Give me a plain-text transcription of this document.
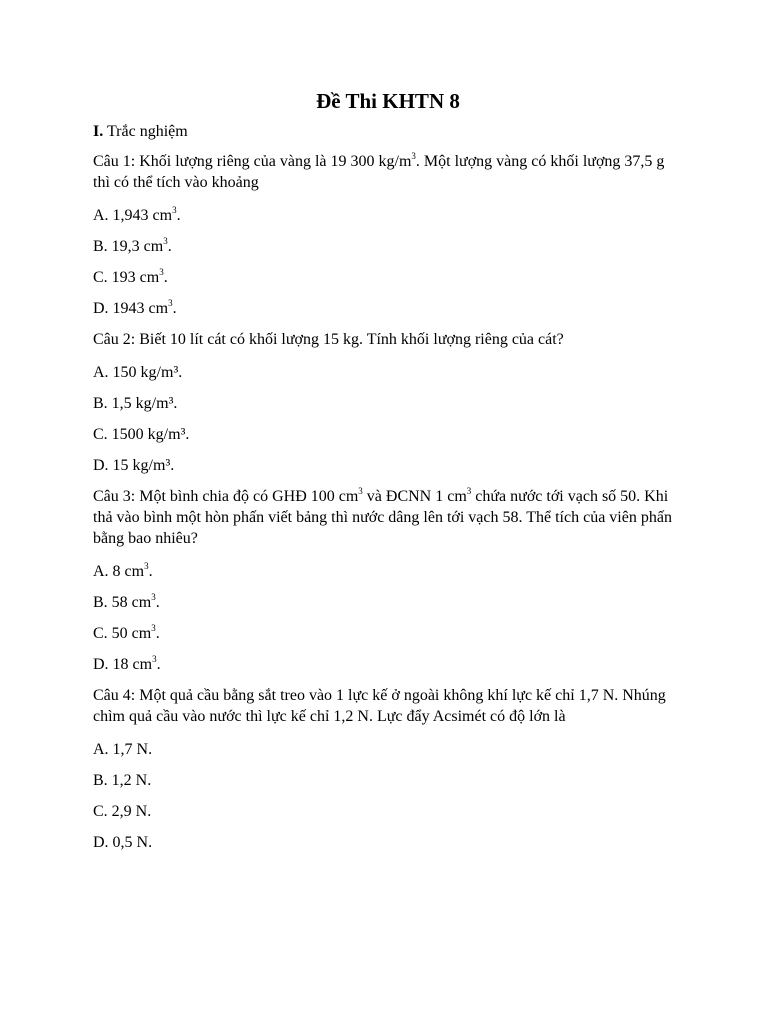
Đề Thi KHTN 8

I. Trắc nghiệm

Câu 1: Khối lượng riêng của vàng là 19 300 $kg/m^3$. Một lượng vàng có khối lượng 37,5 g thì có thể tích vào khoảng

A. 1,943 $cm^3$.

B. 19,3 $cm^3$.

C. 193 $cm^3$.

D. 1943 $cm^3$.

Câu 2: Biết 10 lít cát có khối lượng 15 kg. Tính khối lượng riêng của cát?

A. 150 kg/m³.

B. 1,5 kg/m³.

C. 1500 kg/m³.

D. 15 kg/m³.

Câu 3: Một bình chia độ có GHĐ 100 $cm^3$ và ĐCNN 1 $cm^3$ chứa nước tới vạch số 50. Khi thả vào bình một hòn phấn viết bảng thì nước dâng lên tới vạch 58. Thể tích của viên phấn bằng bao nhiêu?

A. 8 $cm^3$.

B. 58 $cm^3$.

C. 50 $cm^3$.

D. 18 $cm^3$.

Câu 4: Một quả cầu bằng sắt treo vào 1 lực kế ở ngoài không khí lực kế chỉ 1,7 N. Nhúng chìm quả cầu vào nước thì lực kế chỉ 1,2 N. Lực đẩy Acsimét có độ lớn là

A. 1,7 N.

B. 1,2 N.

C. 2,9 N.

D. 0,5 N.
